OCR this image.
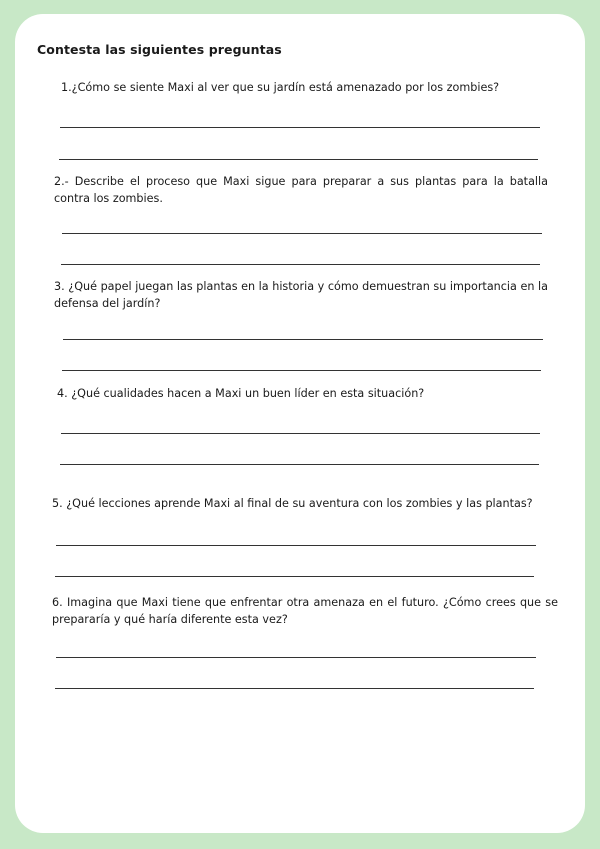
Contesta las siguientes preguntas
1.¿Cómo se siente Maxi al ver que su jardín está amenazado por los zombies?
2.- Describe el proceso que Maxi sigue para preparar a sus plantas para la batalla contra los zombies.
3. ¿Qué papel juegan las plantas en la historia y cómo demuestran su importancia en la defensa del jardín?
4. ¿Qué cualidades hacen a Maxi un buen líder en esta situación?
5. ¿Qué lecciones aprende Maxi al final de su aventura con los zombies y las plantas?
6. Imagina que Maxi tiene que enfrentar otra amenaza en el futuro. ¿Cómo crees que se prepararía y qué haría diferente esta vez?
